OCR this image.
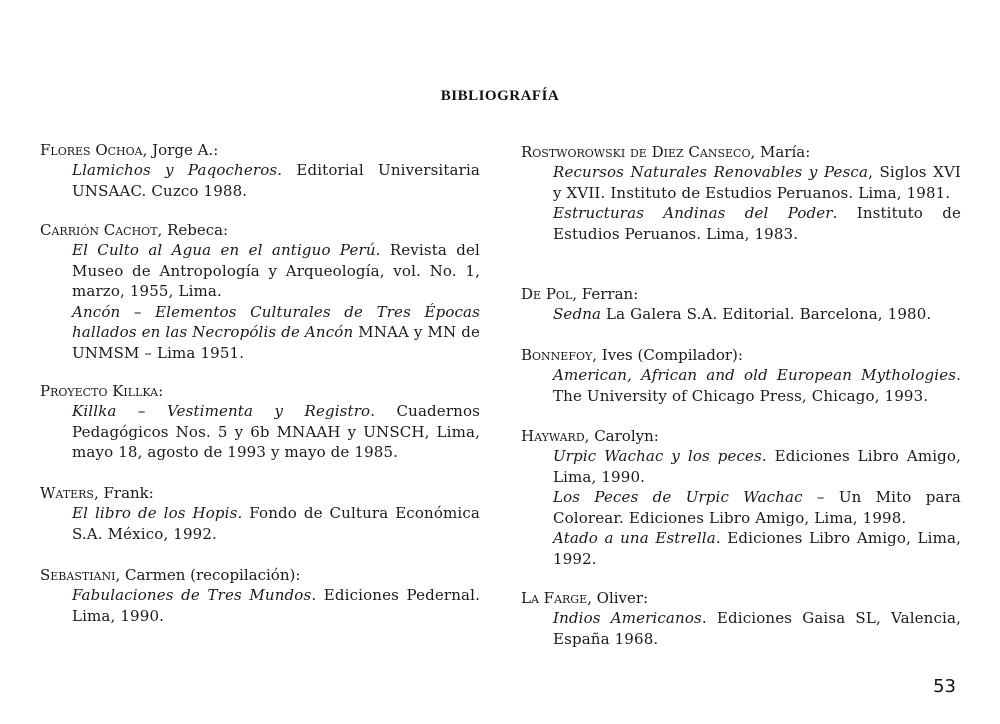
BIBLIOGRAFÍA
Flores Ochoa, Jorge A.:

Llamichos y Paqocheros. Editorial Universitaria UNSAAC. Cuzco 1988.

Carrión Cachot, Rebeca:

El Culto al Agua en el antiguo Perú. Revista del Museo de Antropología y Arqueología, vol. No. 1, marzo, 1955, Lima.

Ancón – Elementos Culturales de Tres Épocas hallados en las Necropólis de Ancón MNAA y MN de UNMSM – Lima 1951.

Proyecto Killka:

Killka – Vestimenta y Registro. Cuadernos Pedagógicos Nos. 5 y 6b MNAAH y UNSCH, Lima, mayo 18, agosto de 1993 y mayo de 1985.

Waters, Frank:

El libro de los Hopis. Fondo de Cultura Económica S.A. México, 1992.

Sebastiani, Carmen (recopilación):

Fabulaciones de Tres Mundos. Ediciones Pedernal. Lima, 1990.

Rostworowski de Diez Canseco, María:

Recursos Naturales Renovables y Pesca, Siglos XVI y XVII. Instituto de Estudios Peruanos. Lima, 1981.

Estructuras Andinas del Poder. Instituto de Estudios Peruanos. Lima, 1983.

De Pol, Ferran:

Sedna La Galera S.A. Editorial. Barcelona, 1980.

Bonnefoy, Ives (Compilador):

American, African and old European Mythologies. The University of Chicago Press, Chicago, 1993.

Hayward, Carolyn:

Urpic Wachac y los peces. Ediciones Libro Amigo, Lima, 1990.

Los Peces de Urpic Wachac – Un Mito para Colorear. Ediciones Libro Amigo, Lima, 1998.

Atado a una Estrella. Ediciones Libro Amigo, Lima, 1992.

La Farge, Oliver:

Indios Americanos. Ediciones Gaisa SL, Valencia, España 1968.

53
